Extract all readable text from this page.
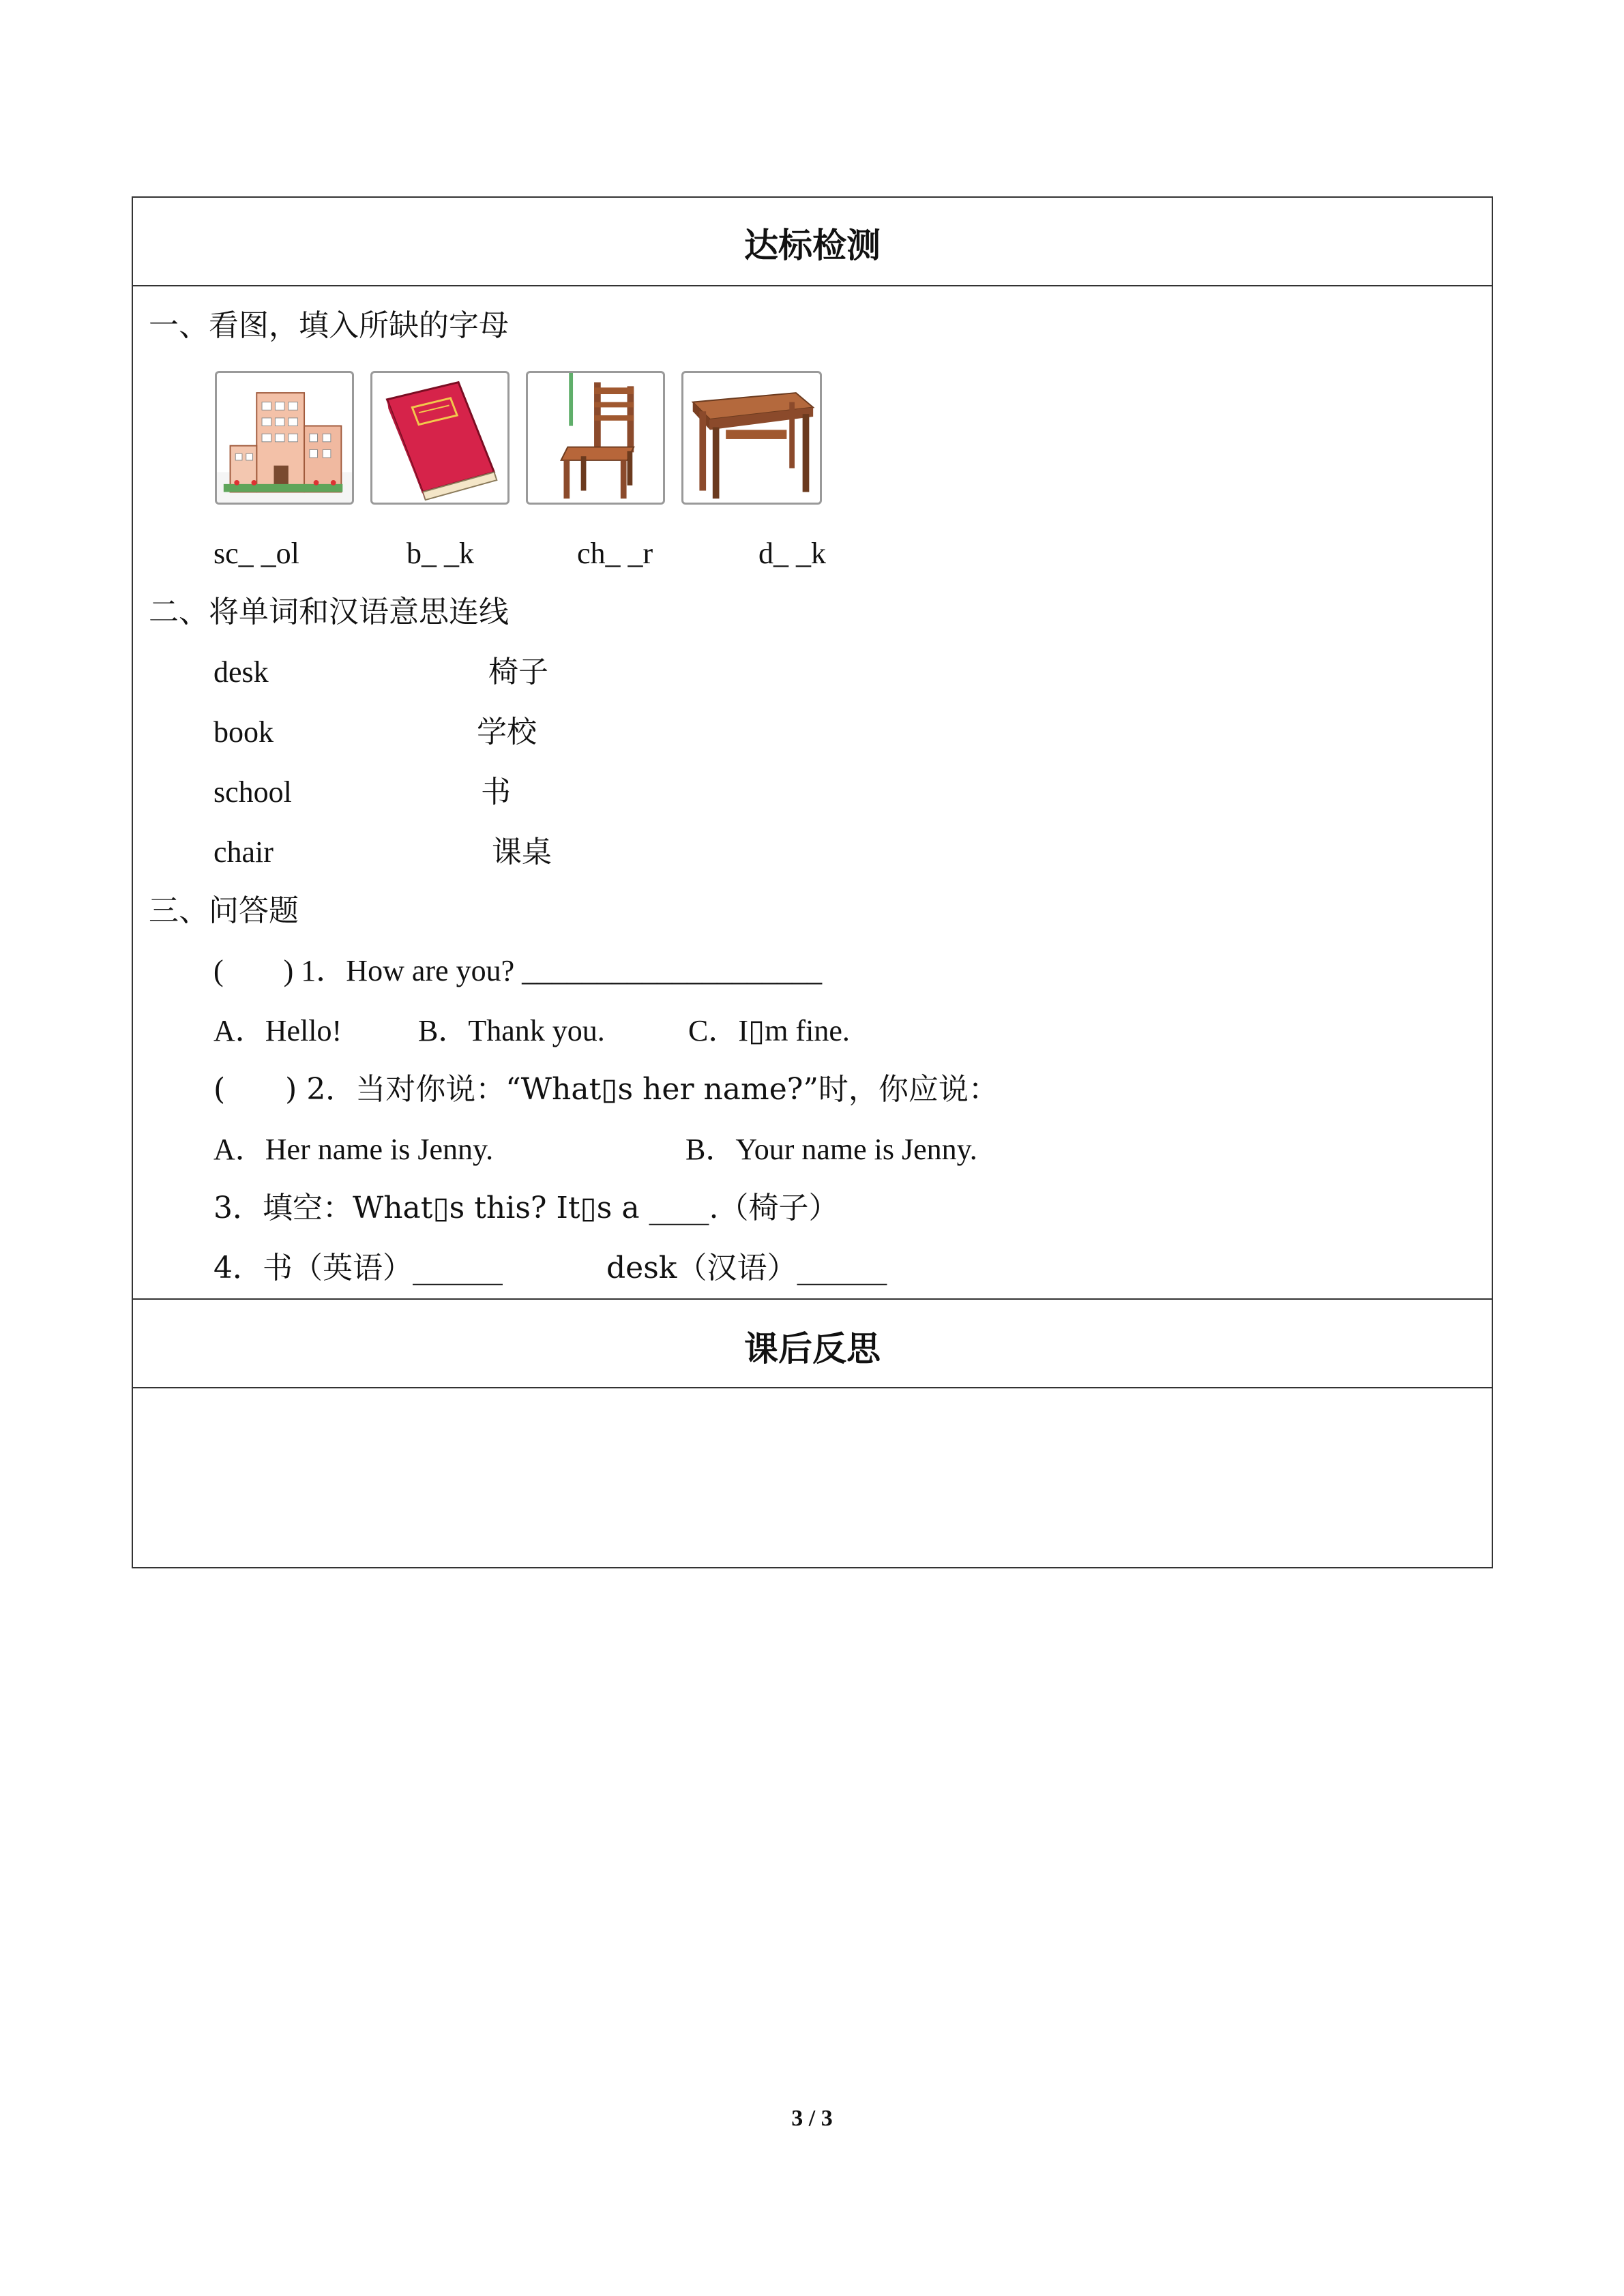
达标检测
一、看图，填入所缺的字母
sc_ _ol	b_ _k	ch_ _r	d_ _k
二、将单词和汉语意思连线
desk	椅子
book	学校
school	书
chair	课桌
三、问答题
(　　) 1．How are you? ____________________
A．Hello!	B．Thank you.	C．I▯m fine.
(　　) 2．当对你说：“What▯s her name?”时，你应说：
A．Her name is Jenny.	B．Your name is Jenny.
3．填空：What▯s this? It▯s a ____.（椅子）
4．书（英语）______	desk（汉语）______
课后反思
3 / 3
